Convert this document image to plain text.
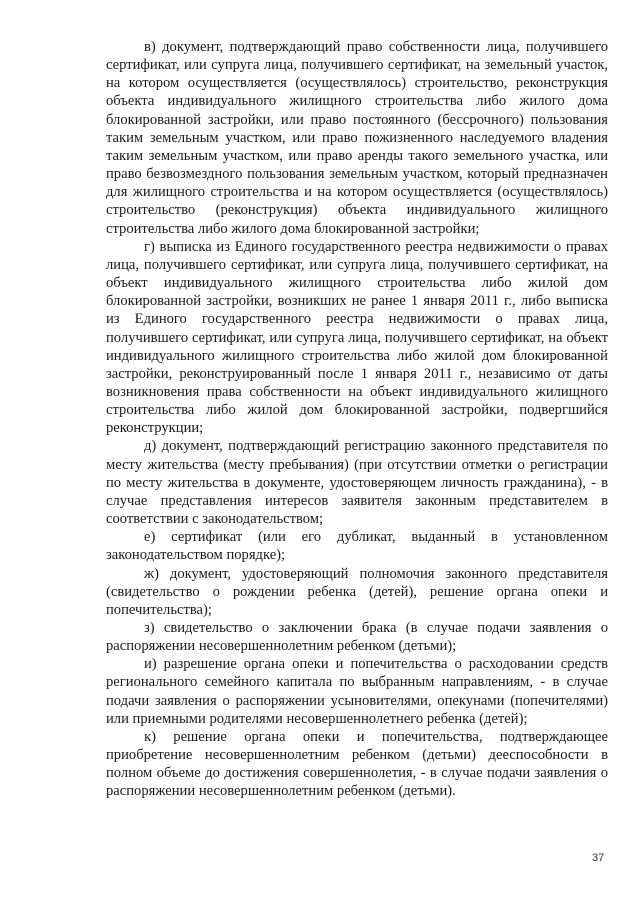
в) документ, подтверждающий право собственности лица, получившего сертификат, или супруга лица, получившего сертификат, на земельный участок, на котором осуществляется (осуществлялось) строительство, реконструкция объекта индивидуального жилищного строительства либо жилого дома блокированной застройки, или право постоянного (бессрочного) пользования таким земельным участком, или право пожизненного наследуемого владения таким земельным участком, или право аренды такого земельного участка, или право безвозмездного пользования земельным участком, который предназначен для жилищного строительства и на котором осуществляется (осуществлялось) строительство (реконструкция) объекта индивидуального жилищного строительства либо жилого дома блокированной застройки;

г) выписка из Единого государственного реестра недвижимости о правах лица, получившего сертификат, или супруга лица, получившего сертификат, на объект индивидуального жилищного строительства либо жилой дом блокированной застройки, возникших не ранее 1 января 2011 г., либо выписка из Единого государственного реестра недвижимости о правах лица, получившего сертификат, или супруга лица, получившего сертификат, на объект индивидуального жилищного строительства либо жилой дом блокированной застройки, реконструированный после 1 января 2011 г., независимо от даты возникновения права собственности на объект индивидуального жилищного строительства либо жилой дом блокированной застройки, подвергшийся реконструкции;

д) документ, подтверждающий регистрацию законного представителя по месту жительства (месту пребывания) (при отсутствии отметки о регистрации по месту жительства в документе, удостоверяющем личность гражданина), - в случае представления интересов заявителя законным представителем в соответствии с законодательством;

е) сертификат (или его дубликат, выданный в установленном законодательством порядке);

ж) документ, удостоверяющий полномочия законного представителя (свидетельство о рождении ребенка (детей), решение органа опеки и попечительства);

з) свидетельство о заключении брака (в случае подачи заявления о распоряжении несовершеннолетним ребенком (детьми);

и) разрешение органа опеки и попечительства о расходовании средств регионального семейного капитала по выбранным направлениям, - в случае подачи заявления о распоряжении усыновителями, опекунами (попечителями) или приемными родителями несовершеннолетнего ребенка (детей);

к) решение органа опеки и попечительства, подтверждающее приобретение несовершеннолетним ребенком (детьми) дееспособности в полном объеме до достижения совершеннолетия, - в случае подачи заявления о распоряжении несовершеннолетним ребенком (детьми).

37
